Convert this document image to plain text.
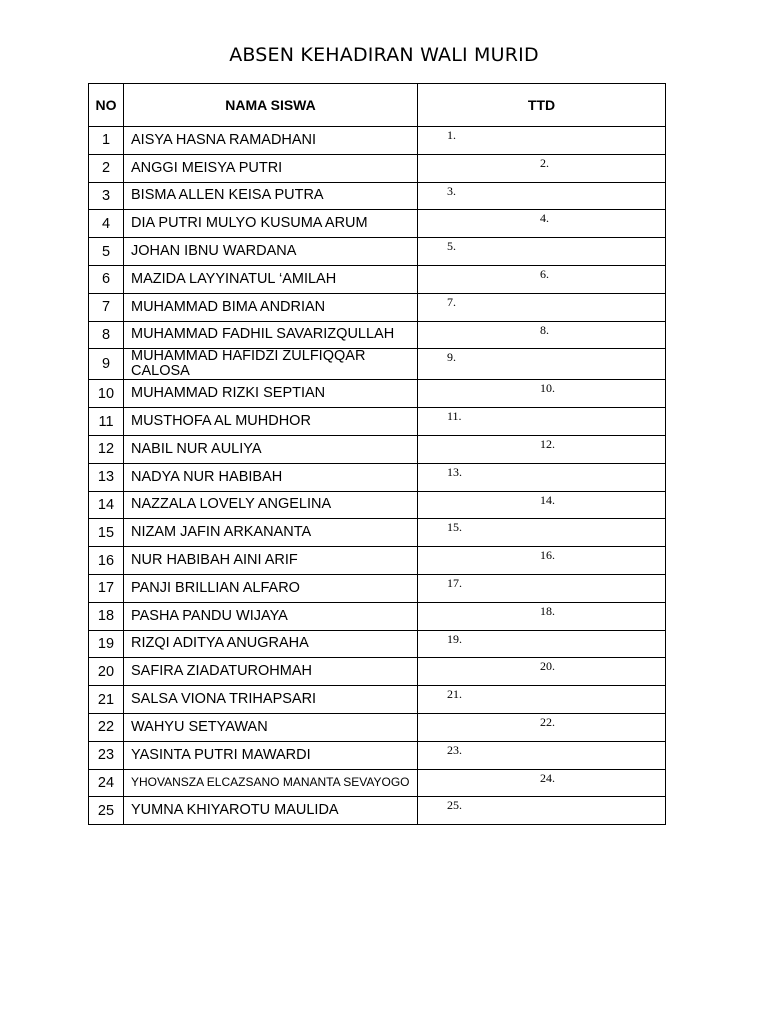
ABSEN KEHADIRAN WALI MURID
NO	NAMA SISWA	TTD
1	AISYA HASNA RAMADHANI	1.

2	ANGGI MEISYA PUTRI	2.

3	BISMA ALLEN KEISA PUTRA	3.

4	DIA PUTRI MULYO KUSUMA ARUM	4.

5	JOHAN IBNU WARDANA	5.

6	MAZIDA LAYYINATUL ‘AMILAH	6.

7	MUHAMMAD BIMA ANDRIAN	7.

8	MUHAMMAD FADHIL SAVARIZQULLAH	8.

9	MUHAMMAD HAFIDZI ZULFIQQAR CALOSA	9.

10	MUHAMMAD RIZKI SEPTIAN	10.

11	MUSTHOFA AL MUHDHOR	11.

12	NABIL NUR AULIYA	12.

13	NADYA NUR HABIBAH	13.

14	NAZZALA LOVELY ANGELINA	14.

15	NIZAM JAFIN ARKANANTA	15.

16	NUR HABIBAH AINI ARIF	16.

17	PANJI BRILLIAN ALFARO	17.

18	PASHA PANDU WIJAYA	18.

19	RIZQI ADITYA ANUGRAHA	19.

20	SAFIRA ZIADATUROHMAH	20.

21	SALSA VIONA TRIHAPSARI	21.

22	WAHYU SETYAWAN	22.

23	YASINTA PUTRI MAWARDI	23.

24	YHOVANSZA ELCAZSANO MANANTA SEVAYOGO	24.

25	YUMNA KHIYAROTU MAULIDA	25.
